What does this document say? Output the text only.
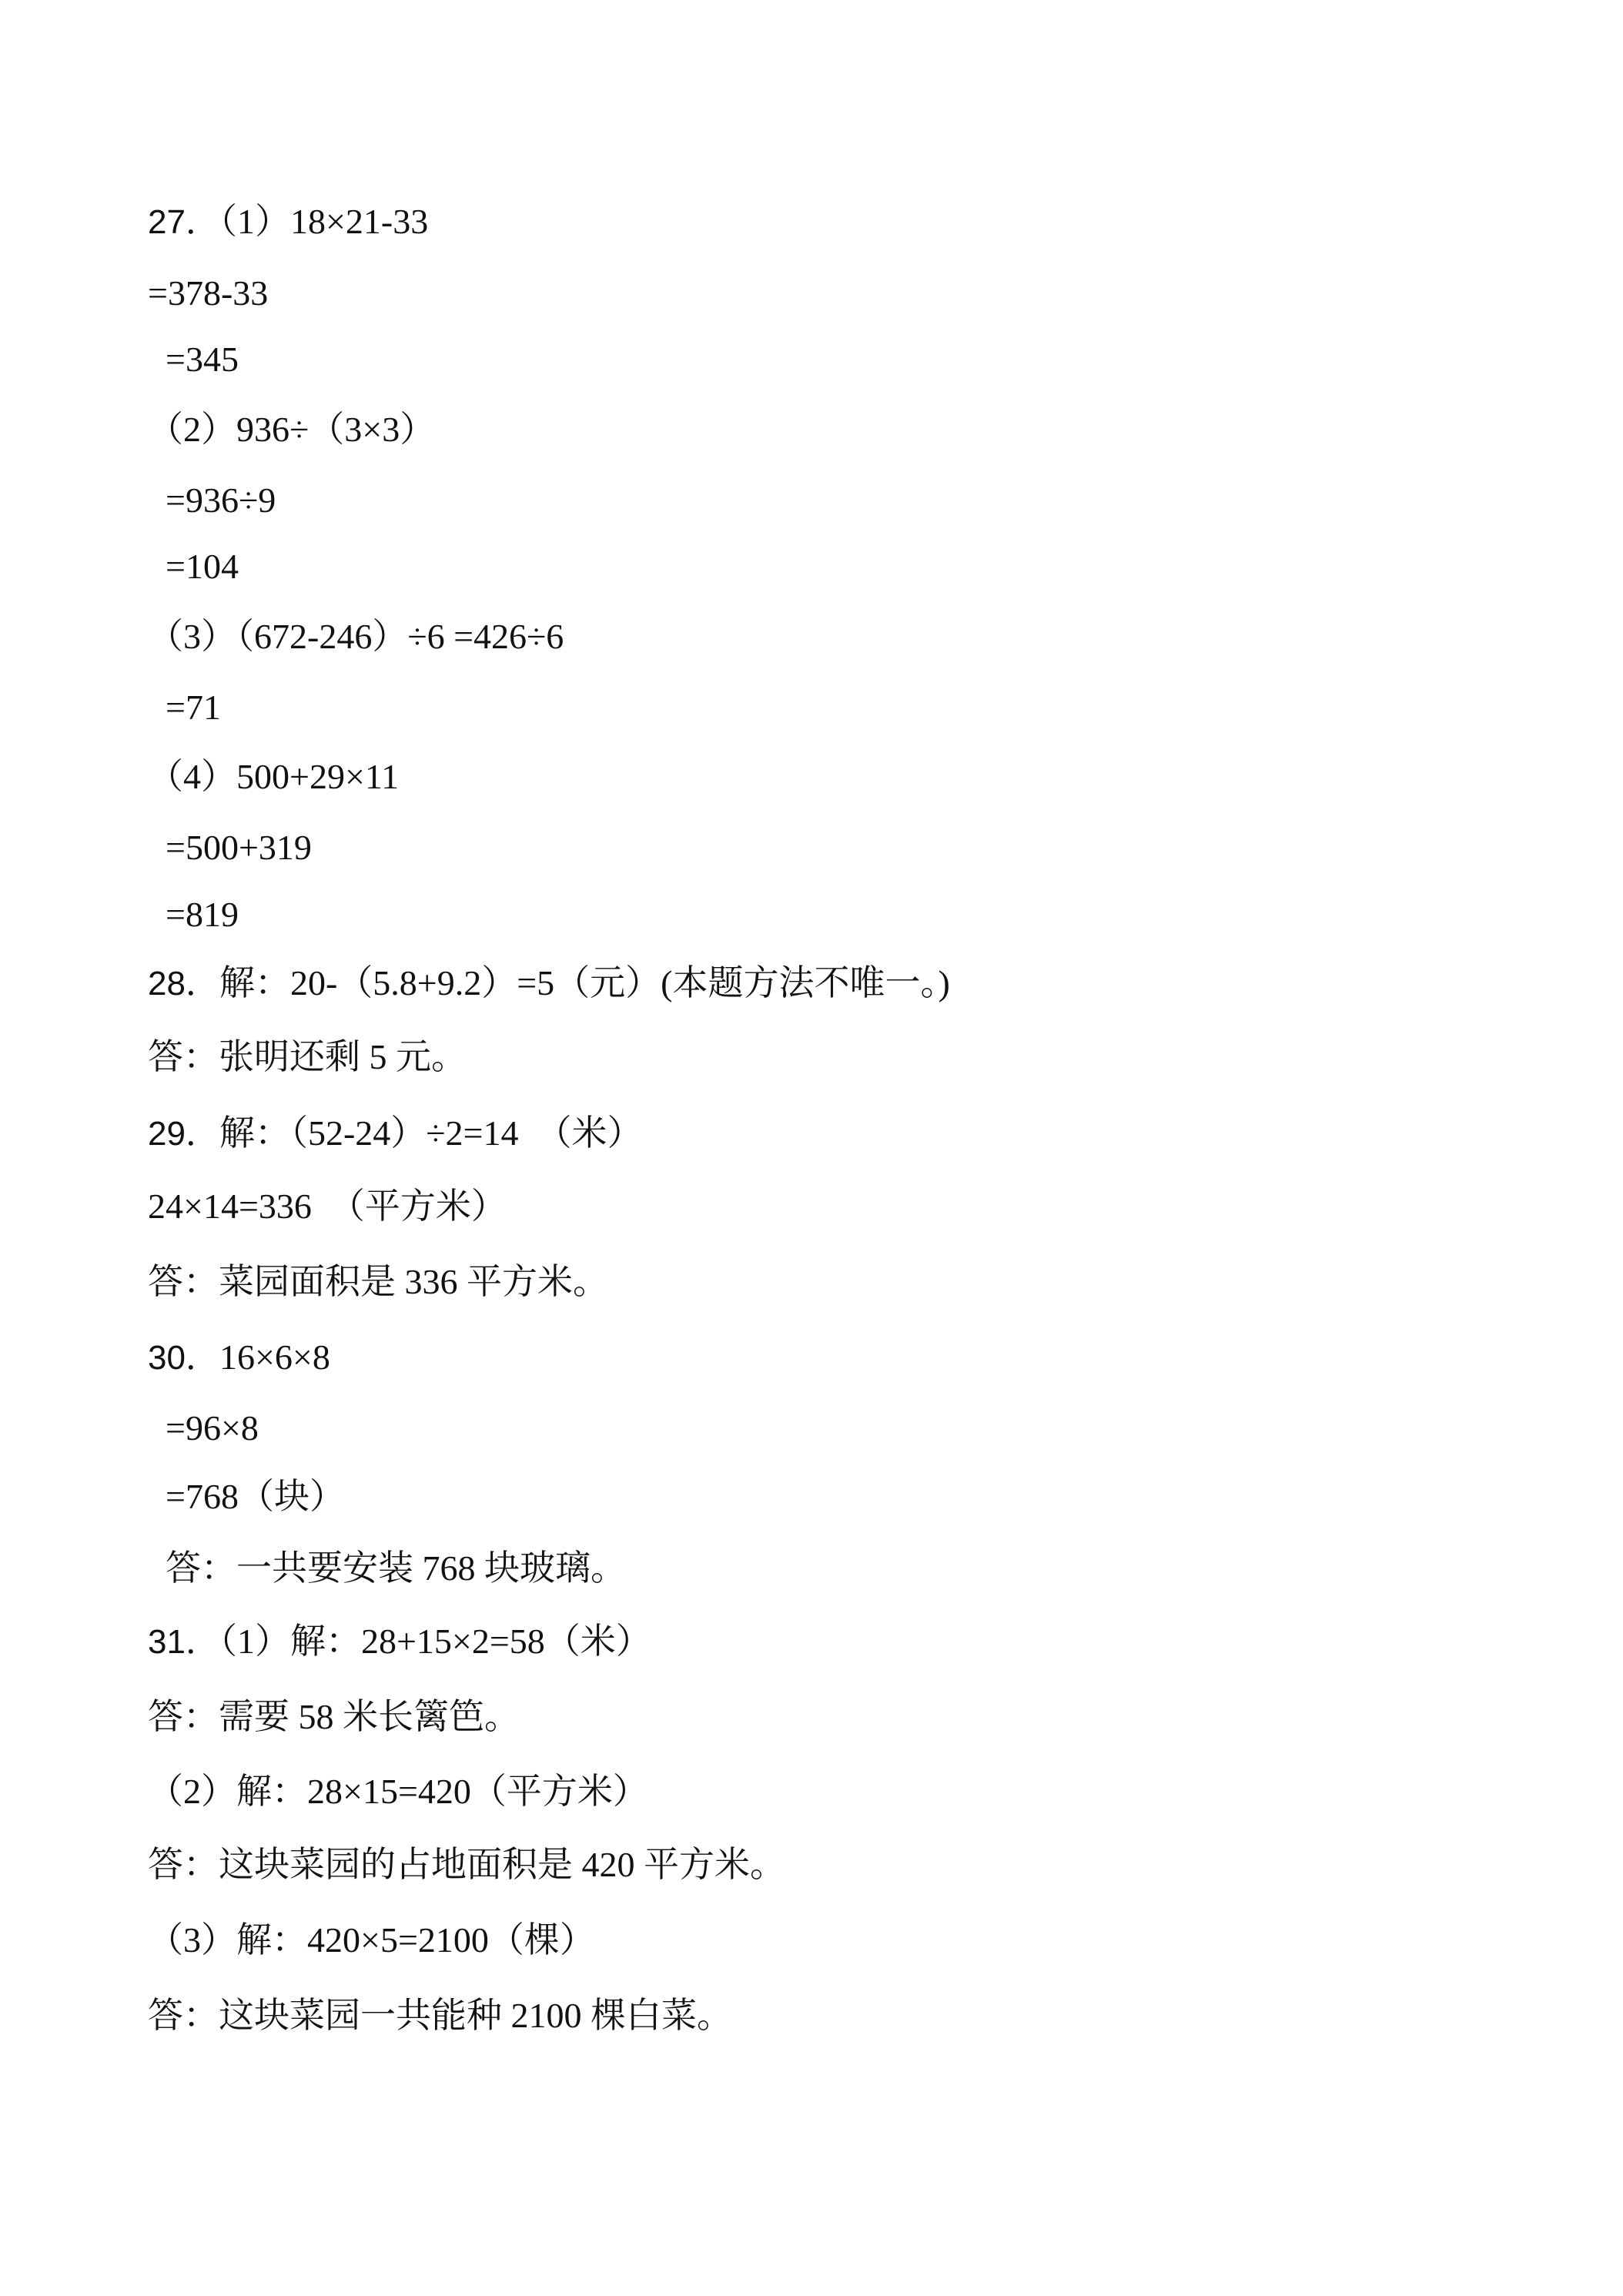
27．（1）18×21-33
=378-33
=345
（2）936÷（3×3）
=936÷9
=104
（3）（672-246）÷6 =426÷6
=71
（4）500+29×11
=500+319
=819
28．解：20-（5.8+9.2）=5（元）(本题方法不唯一。)
答：张明还剩 5 元。
29．解：（52-24）÷2=14  （米）
24×14=336  （平方米）
答：菜园面积是 336 平方米。
30．16×6×8
=96×8
=768（块）
答：一共要安装 768 块玻璃。
31．（1）解：28+15×2=58（米）
答：需要 58 米长篱笆。
（2）解：28×15=420（平方米）
答：这块菜园的占地面积是 420 平方米。
（3）解：420×5=2100（棵）
答：这块菜园一共能种 2100 棵白菜。
